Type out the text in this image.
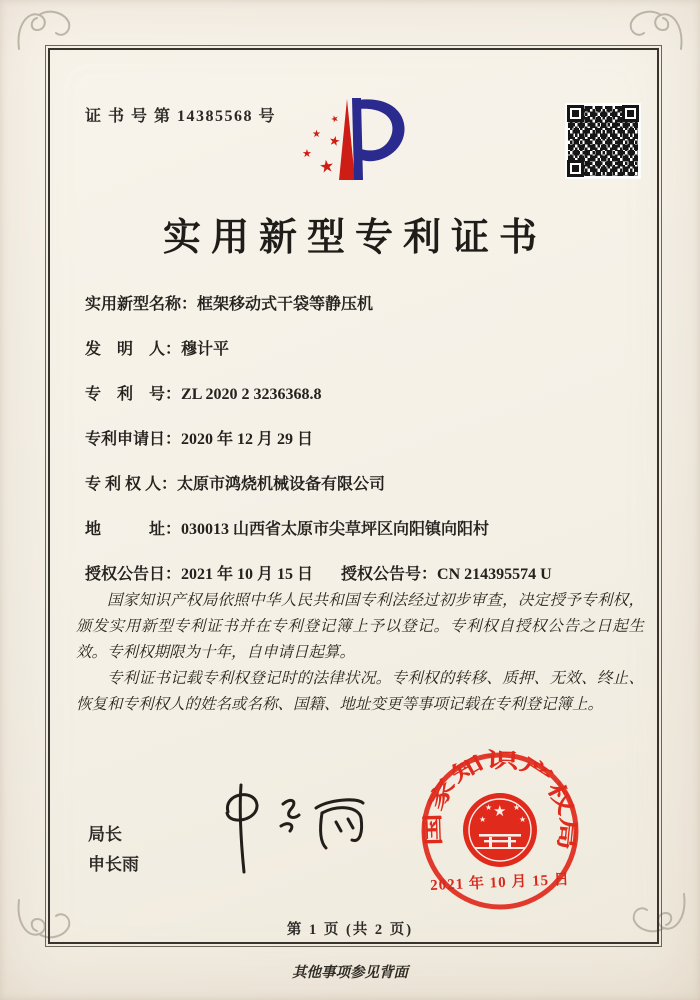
证 书 号 第 14385568 号	★
★ ★
★
★
实用新型专利证书
实用新型名称：框架移动式干袋等静压机
发　明　人：穆计平
专　利　号：ZL 2020 2 3236368.8
专利申请日：2020 年 12 月 29 日
专 利 权 人：太原市鸿烧机械设备有限公司
地　　　址：030013 山西省太原市尖草坪区向阳镇向阳村
授权公告日：2021 年 10 月 15 日 授权公告号：CN 214395574 U

国家知识产权局依照中华人民共和国专利法经过初步审查，决定授予专利权，颁发实用新型专利证书并在专利登记簿上予以登记。专利权自授权公告之日起生效。专利权期限为十年，自申请日起算。

专利证书记载专利权登记时的法律状况。专利权的转移、质押、无效、终止、恢复和专利权人的姓名或名称、国籍、地址变更等事项记载在专利登记簿上。

局长
申长雨
国家知识产权局
★
★
★	★
★
2021 年 10 月 15 日
第 1 页 (共 2 页)
其他事项参见背面
